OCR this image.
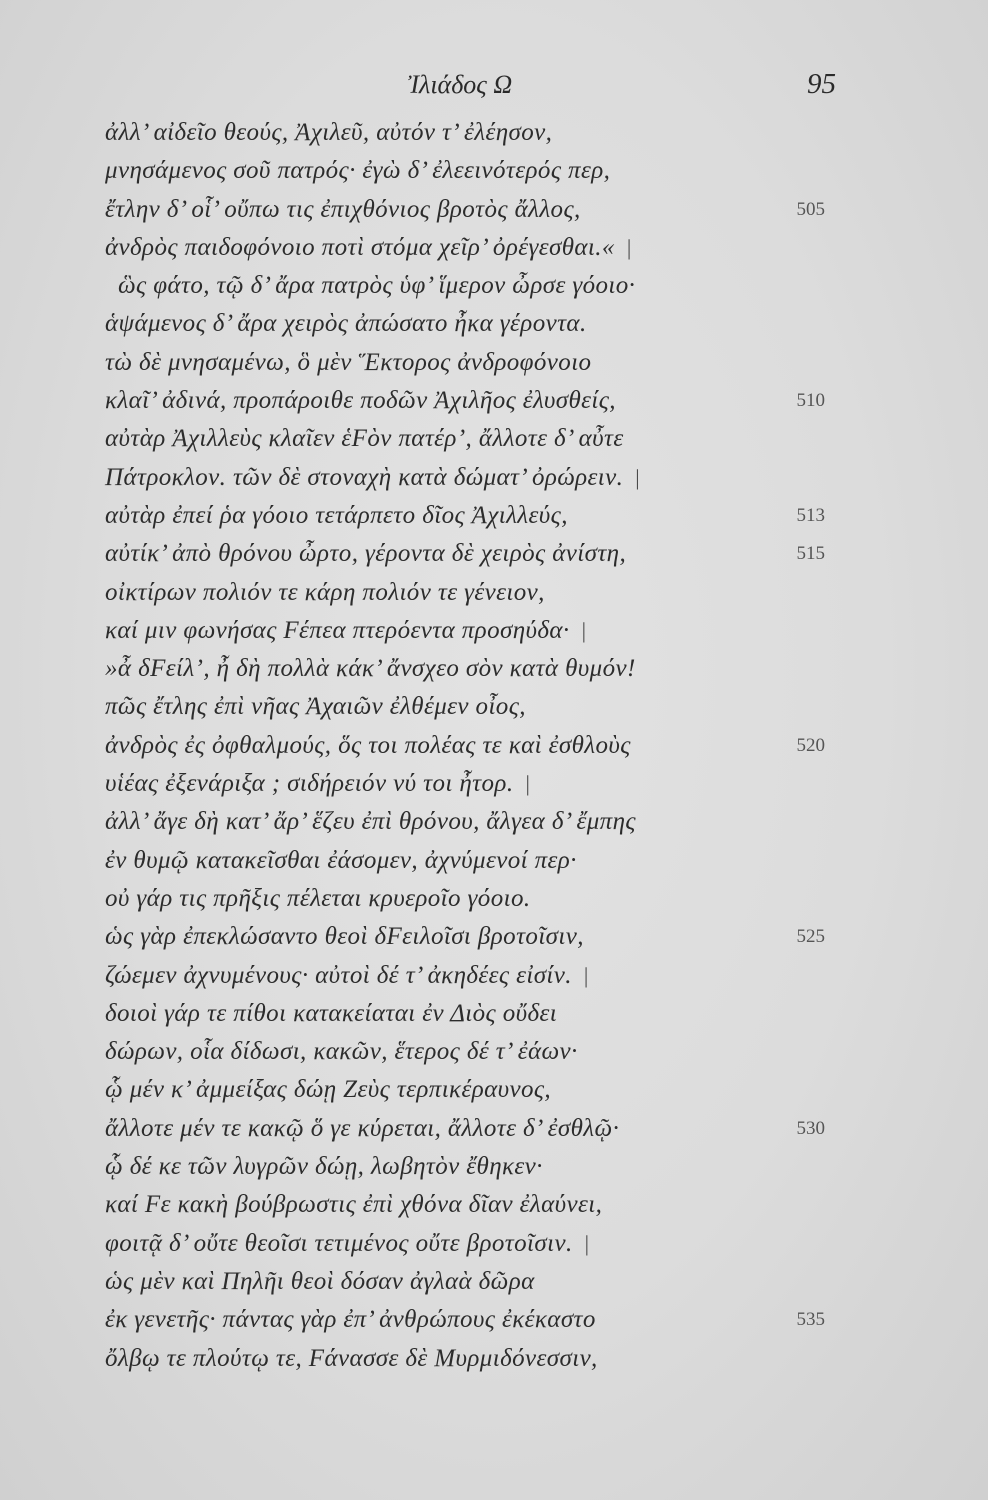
Ἰλιάδος Ω	95
ἀλλ’ αἰδεῖο θεούς, Ἀχιλεῦ, αὐτόν τ’ ἐλέησον,
μνησάμενος σοῦ πατρός· ἐγὼ δ’ ἐλεεινότερός περ,
ἔτλην δ’ οἷ’ οὔπω τις ἐπιχθόνιος βροτὸς ἄλλος,	505
ἀνδρὸς παιδοφόνοιο ποτὶ στόμα χεῖρ’ ὀρέγεσθαι.« |
ὣς φάτο, τῷ δ’ ἄρα πατρὸς ὑφ’ ἵμερον ὦρσε γόοιο·
ἁψάμενος δ’ ἄρα χειρὸς ἀπώσατο ἦκα γέροντα.
τὼ δὲ μνησαμένω, ὃ μὲν Ἕκτορος ἀνδροφόνοιο
κλαῖ’ ἀδινά, προπάροιθε ποδῶν Ἀχιλῆος ἐλυσθείς,	510
αὐτὰρ Ἀχιλλεὺς κλαῖεν ἑFὸν πατέρ’, ἄλλοτε δ’ αὖτε
Πάτροκλον. τῶν δὲ στοναχὴ κατὰ δώματ’ ὀρώρειν. |
αὐτὰρ ἐπεί ῥα γόοιο τετάρπετο δῖος Ἀχιλλεύς,	513
αὐτίκ’ ἀπὸ θρόνου ὦρτο, γέροντα δὲ χειρὸς ἀνίστη,	515
οἰκτίρων πολιόν τε κάρη πολιόν τε γένειον,
καί μιν φωνήσας Fέπεα πτερόεντα προσηύδα· |
»ἆ δFείλ’, ἦ δὴ πολλὰ κάκ’ ἄνσχεο σὸν κατὰ θυμόν!
πῶς ἔτλης ἐπὶ νῆας Ἀχαιῶν ἐλθέμεν οἶος,
ἀνδρὸς ἐς ὀφθαλμούς, ὅς τοι πολέας τε καὶ ἐσθλοὺς	520
υἱέας ἐξενάριξα ; σιδήρειόν νύ τοι ἦτορ. |
ἀλλ’ ἄγε δὴ κατ’ ἄρ’ ἕζευ ἐπὶ θρόνου, ἄλγεα δ’ ἔμπης
ἐν θυμῷ κατακεῖσθαι ἐάσομεν, ἀχνύμενοί περ·
οὐ γάρ τις πρῆξις πέλεται κρυεροῖο γόοιο.
ὡς γὰρ ἐπεκλώσαντο θεοὶ δFειλοῖσι βροτοῖσιν,	525
ζώεμεν ἀχνυμένους· αὐτοὶ δέ τ’ ἀκηδέες εἰσίν. |
δοιοὶ γάρ τε πίθοι κατακείαται ἐν Διὸς οὔδει
δώρων, οἷα δίδωσι, κακῶν, ἕτερος δέ τ’ ἐάων·
ᾧ μέν κ’ ἀμμείξας δώῃ Ζεὺς τερπικέραυνος,
ἄλλοτε μέν τε κακῷ ὅ γε κύρεται, ἄλλοτε δ’ ἐσθλῷ·	530
ᾧ δέ κε τῶν λυγρῶν δώῃ, λωβητὸν ἔθηκεν·
καί Fε κακὴ βούβρωστις ἐπὶ χθόνα δῖαν ἐλαύνει,
φοιτᾷ δ’ οὔτε θεοῖσι τετιμένος οὔτε βροτοῖσιν. |
ὡς μὲν καὶ Πηλῆι θεοὶ δόσαν ἀγλαὰ δῶρα
ἐκ γενετῆς· πάντας γὰρ ἐπ’ ἀνθρώπους ἐκέκαστο	535
ὄλβῳ τε πλούτῳ τε, Fάνασσε δὲ Μυρμιδόνεσσιν,
